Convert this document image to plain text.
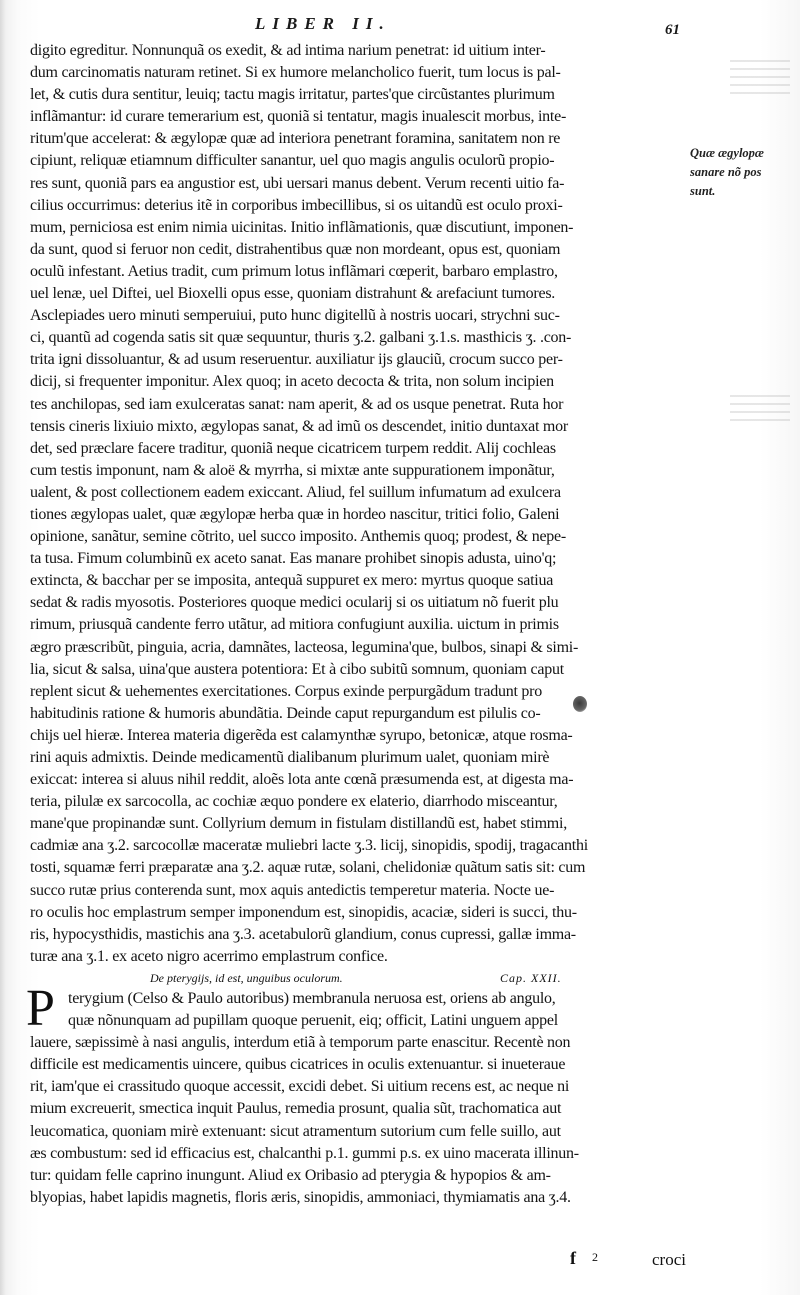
LIBER II.	61
digito egreditur. Nonnunquã os exedit, & ad intima narium penetrat: id uitium inter-
dum carcinomatis naturam retinet. Si ex humore melancholico fuerit, tum locus is pal-
let, & cutis dura sentitur, leuiq; tactu magis irritatur, partes'que circũstantes plurimum
inflãmantur: id curare temerarium est, quoniã si tentatur, magis inualescit morbus, inte-
ritum'que accelerat: & ægylopæ quæ ad interiora penetrant foramina, sanitatem non re
cipiunt, reliquæ etiamnum difficulter sanantur, uel quo magis angulis oculorũ propio-
res sunt, quoniã pars ea angustior est, ubi uersari manus debent. Verum recenti uitio fa-
cilius occurrimus: deterius itẽ in corporibus imbecillibus, si os uitandũ est oculo proxi-
mum, perniciosa est enim nimia uicinitas. Initio inflãmationis, quæ discutiunt, imponen-
da sunt, quod si feruor non cedit, distrahentibus quæ non mordeant, opus est, quoniam
oculũ infestant. Aetius tradit, cum primum lotus inflãmari cœperit, barbaro emplastro,
uel lenæ, uel Diftei, uel Bioxelli opus esse, quoniam distrahunt & arefaciunt tumores.
Asclepiades uero minuti semperuiui, puto hunc digitellũ à nostris uocari, strychni suc-
ci, quantũ ad cogenda satis sit quæ sequuntur, thuris ʒ.2. galbani ʒ.1.s. masthicis ʒ. .con-
trita igni dissoluantur, & ad usum reseruentur. auxiliatur ijs glauciũ, crocum succo per-
dicij, si frequenter imponitur. Alex quoq; in aceto decocta & trita, non solum incipien
tes anchilopas, sed iam exulceratas sanat: nam aperit, & ad os usque penetrat. Ruta hor
tensis cineris lixiuio mixto, ægylopas sanat, & ad imũ os descendet, initio duntaxat mor
det, sed præclare facere traditur, quoniã neque cicatricem turpem reddit. Alij cochleas
cum testis imponunt, nam & aloë & myrrha, si mixtæ ante suppurationem imponãtur,
ualent, & post collectionem eadem exiccant. Aliud, fel suillum infumatum ad exulcera
tiones ægylopas ualet, quæ ægylopæ herba quæ in hordeo nascitur, tritici folio, Galeni
opinione, sanãtur, semine cõtrito, uel succo imposito. Anthemis quoq; prodest, & nepe-
ta tusa. Fimum columbinũ ex aceto sanat. Eas manare prohibet sinopis adusta, uino'q;
extincta, & bacchar per se imposita, antequã suppuret ex mero: myrtus quoque satiua
sedat & radis myosotis. Posteriores quoque medici ocularij si os uitiatum nõ fuerit plu
rimum, priusquã candente ferro utãtur, ad mitiora confugiunt auxilia. uictum in primis
ægro præscribũt, pinguia, acria, damnãtes, lacteosa, legumina'que, bulbos, sinapi & simi-
lia, sicut & salsa, uina'que austera potentiora: Et à cibo subitũ somnum, quoniam caput
replent sicut & uehementes exercitationes. Corpus exinde perpurgãdum tradunt pro
habitudinis ratione & humoris abundãtia. Deinde caput repurgandum est pilulis co-
chijs uel hieræ. Interea materia digerẽda est calamynthæ syrupo, betonicæ, atque rosma-
rini aquis admixtis. Deinde medicamentũ dialibanum plurimum ualet, quoniam mirè
exiccat: interea si aluus nihil reddit, aloẽs lota ante cœnã præsumenda est, at digesta ma-
teria, pilulæ ex sarcocolla, ac cochiæ æquo pondere ex elaterio, diarrhodo misceantur,
mane'que propinandæ sunt. Collyrium demum in fistulam distillandũ est, habet stimmi,
cadmiæ ana ʒ.2. sarcocollæ maceratæ muliebri lacte ʒ.3. licij, sinopidis, spodij, tragacanthi
tosti, squamæ ferri præparatæ ana ʒ.2. aquæ rutæ, solani, chelidoniæ quãtum satis sit: cum
succo rutæ prius conterenda sunt, mox aquis antedictis temperetur materia. Nocte ue-
ro oculis hoc emplastrum semper imponendum est, sinopidis, acaciæ, sideri is succi, thu-
ris, hypocysthidis, mastichis ana ʒ.3. acetabulorũ glandium, conus cupressi, gallæ imma-
turæ ana ʒ.1. ex aceto nigro acerrimo emplastrum confice.
De pterygijs, id est, unguibus oculorum.	Cap. XXII.
P terygium (Celso & Paulo autoribus) membranula neruosa est, oriens ab angulo,
quæ nõnunquam ad pupillam quoque peruenit, eiq; officit, Latini unguem appel
lauere, sæpissimè à nasi angulis, interdum etiã à temporum parte enascitur. Recentè non
difficile est medicamentis uincere, quibus cicatrices in oculis extenuantur. si inueteraue
rit, iam'que ei crassitudo quoque accessit, excidi debet. Si uitium recens est, ac neque ni
mium excreuerit, smectica inquit Paulus, remedia prosunt, qualia sũt, trachomatica aut
leucomatica, quoniam mirè extenuant: sicut atramentum sutorium cum felle suillo, aut
æs combustum: sed id efficacius est, chalcanthi p.1. gummi p.s. ex uino macerata illinun-
tur: quidam felle caprino inungunt. Aliud ex Oribasio ad pterygia & hypopios & am-
blyopias, habet lapidis magnetis, floris æris, sinopidis, ammoniaci, thymiamatis ana ʒ.4.
Quæ ægylopæ
sanare nõ pos
sunt.
f 2	croci
